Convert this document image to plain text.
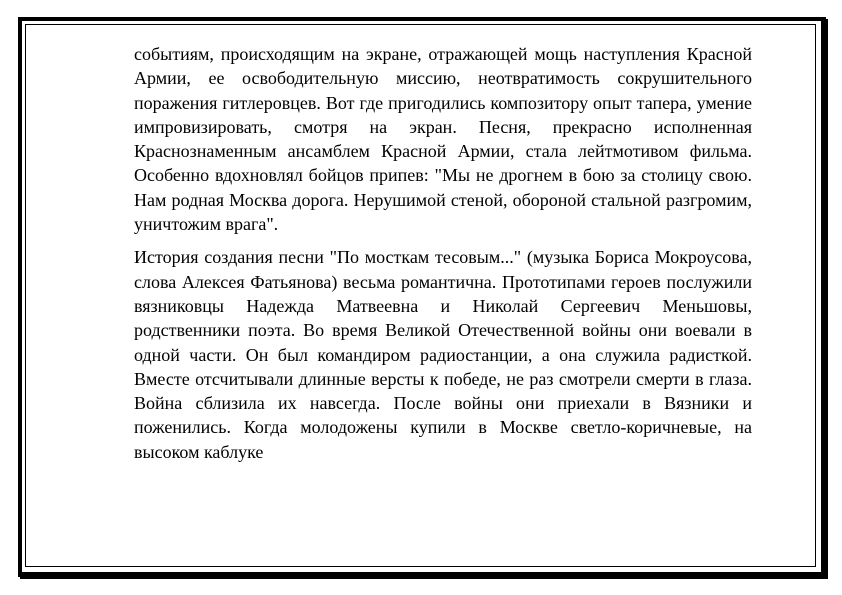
событиям, происходящим на экране, отражающей мощь наступления Красной Армии, ее освободительную миссию, неотвратимость сокрушительного поражения гитлеровцев. Вот где пригодились композитору опыт тапера, умение импровизировать, смотря на экран. Песня, прекрасно исполненная Краснознаменным ансамблем Красной Армии, стала лейтмотивом фильма. Особенно вдохновлял бойцов припев: "Мы не дрогнем в бою за столицу свою. Нам родная Москва дорога. Нерушимой стеной, обороной стальной разгромим, уничтожим врага".

История создания песни "По мосткам тесовым..." (музыка Бориса Мокроусова, слова Алексея Фатьянова) весьма романтична. Прототипами героев послужили вязниковцы Надежда Матвеевна и Николай Сергеевич Меньшовы, родственники поэта. Во время Великой Отечественной войны они воевали в одной части. Он был командиром радиостанции, а она служила радисткой. Вместе отсчитывали длинные версты к победе, не раз смотрели смерти в глаза. Война сблизила их навсегда. После войны они приехали в Вязники и поженились. Когда молодожены купили в Москве светло-коричневые, на высоком каблуке
